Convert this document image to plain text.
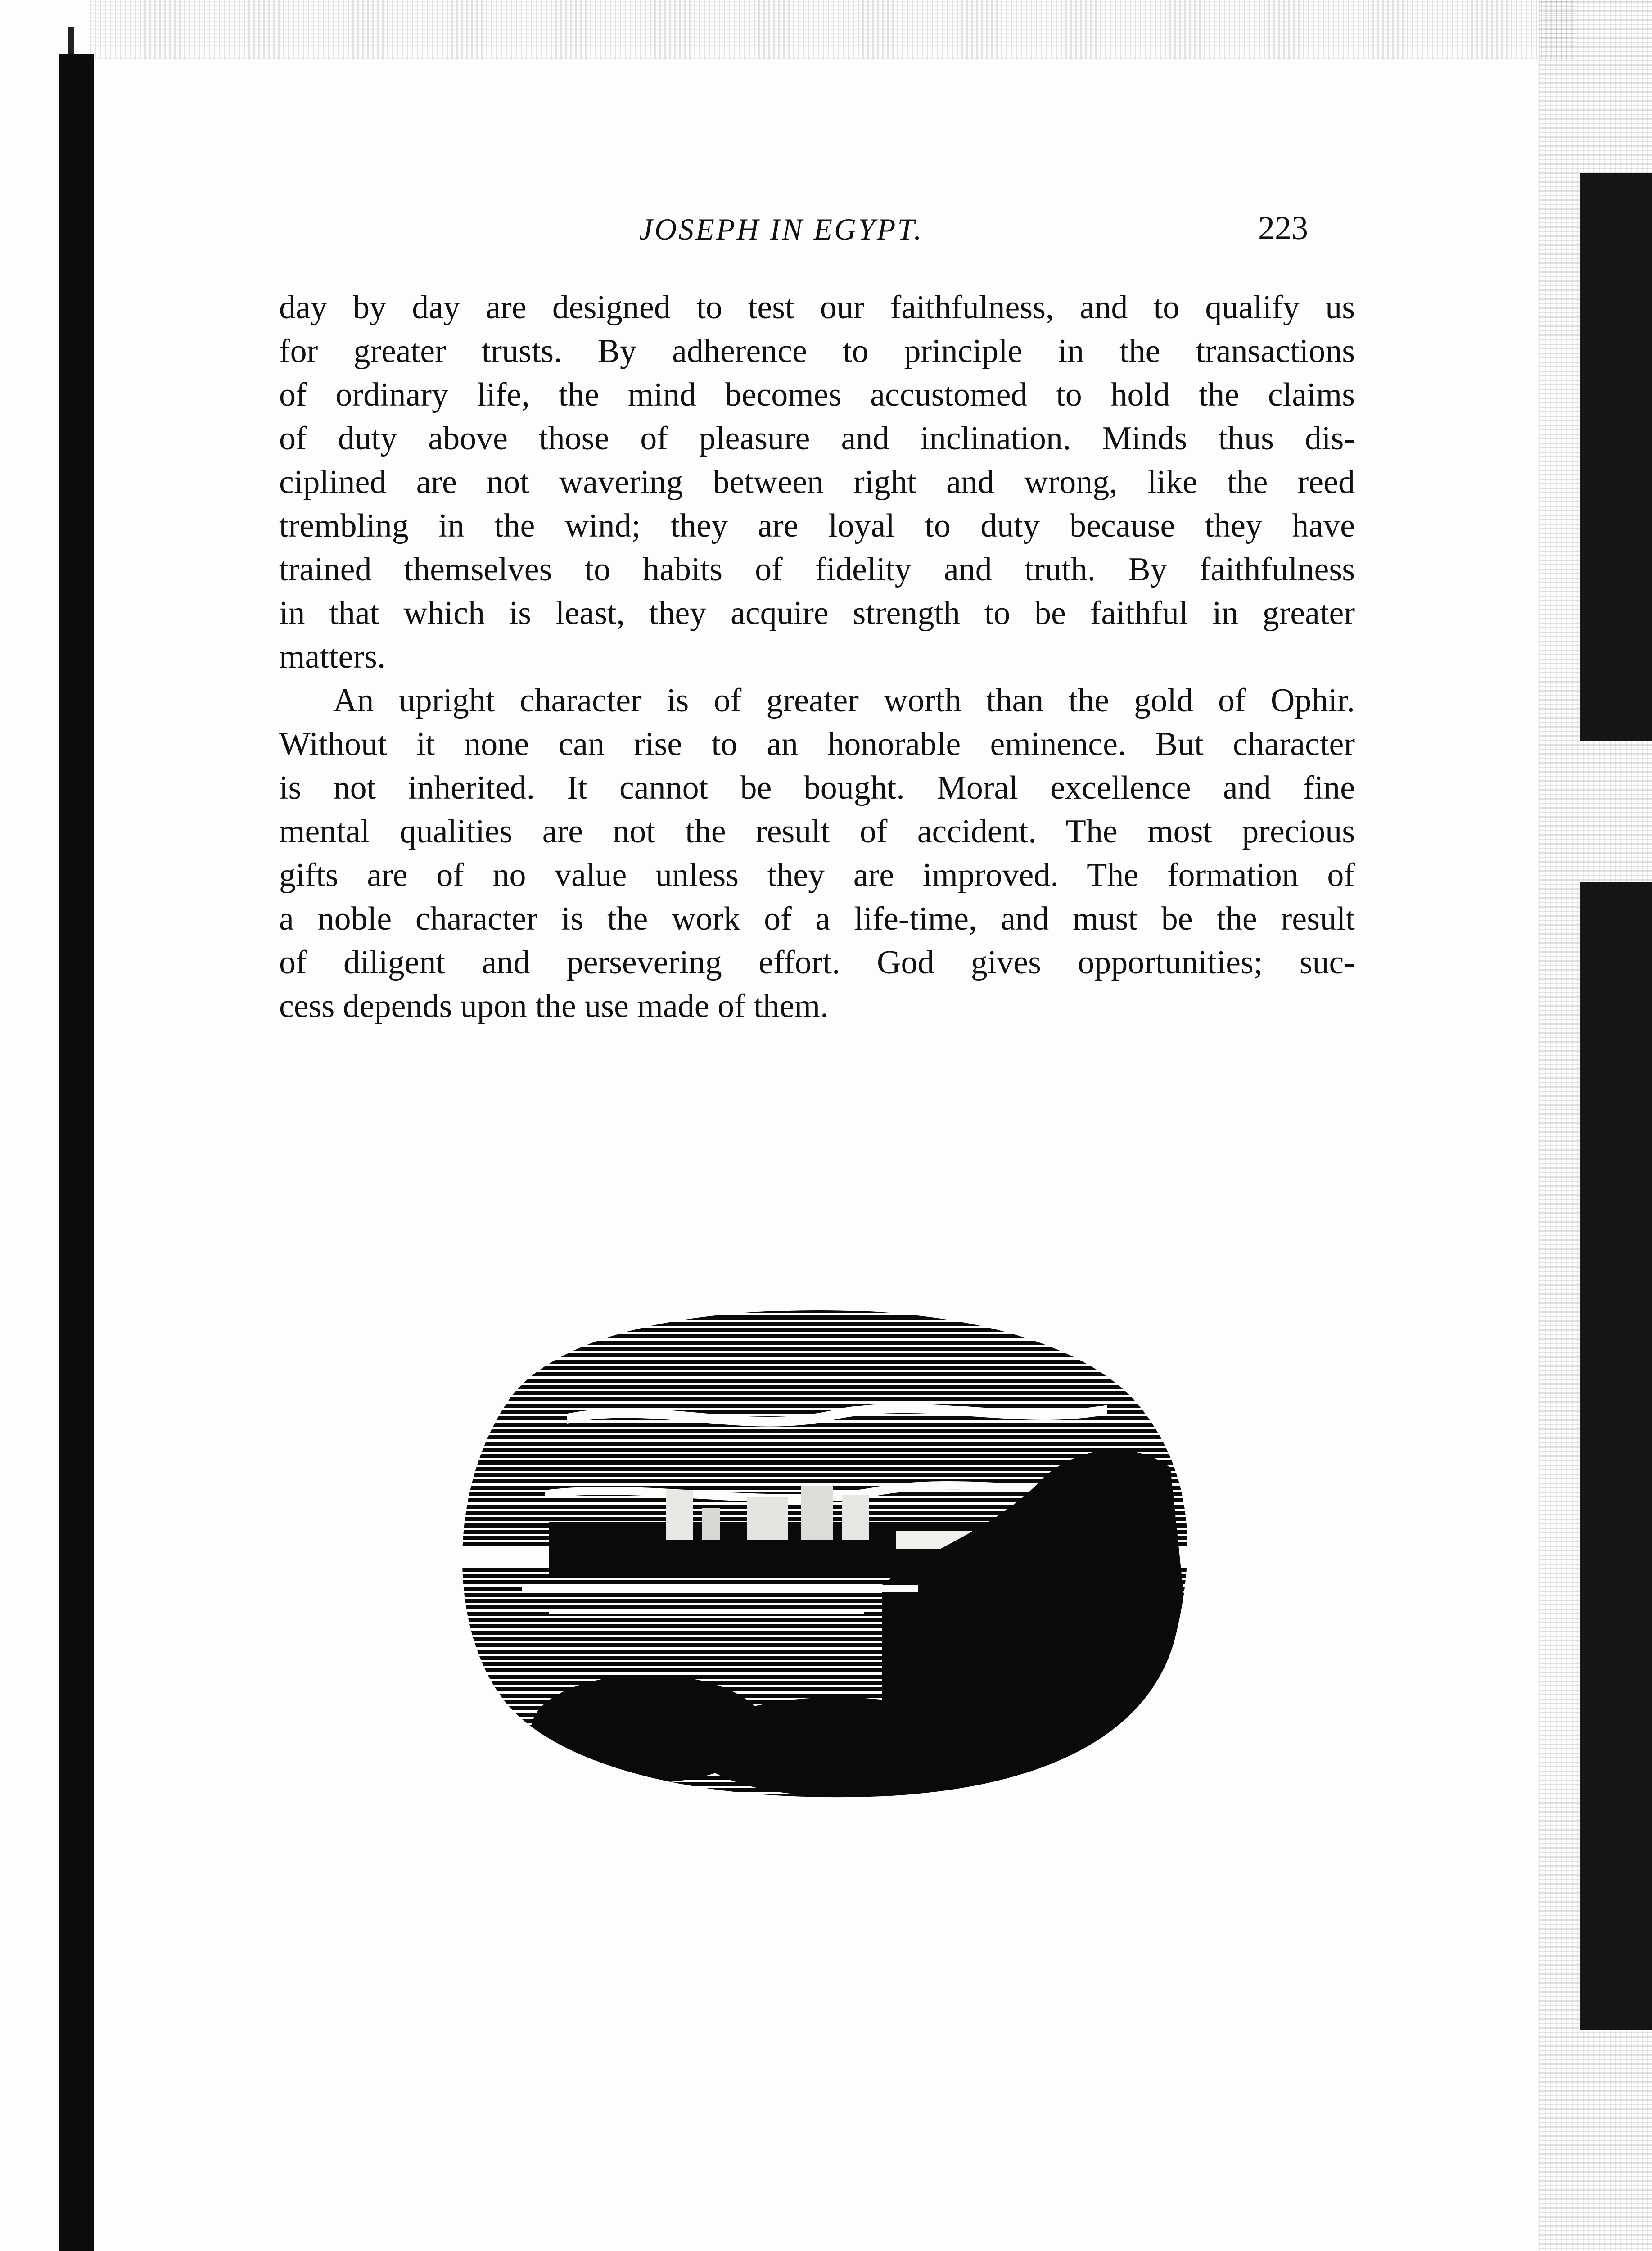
JOSEPH IN EGYPT.	223
day by day are designed to test our faithfulness, and to qualify us
for greater trusts. By adherence to principle in the transactions
of ordinary life, the mind becomes accustomed to hold the claims
of duty above those of pleasure and inclination. Minds thus dis-
ciplined are not wavering between right and wrong, like the reed
trembling in the wind; they are loyal to duty because they have
trained themselves to habits of fidelity and truth. By faithfulness
in that which is least, they acquire strength to be faithful in greater
matters.
An upright character is of greater worth than the gold of Ophir.
Without it none can rise to an honorable eminence. But character
is not inherited. It cannot be bought. Moral excellence and fine
mental qualities are not the result of accident. The most precious
gifts are of no value unless they are improved. The formation of
a noble character is the work of a life-time, and must be the result
of diligent and persevering effort. God gives opportunities; suc-
cess depends upon the use made of them.
